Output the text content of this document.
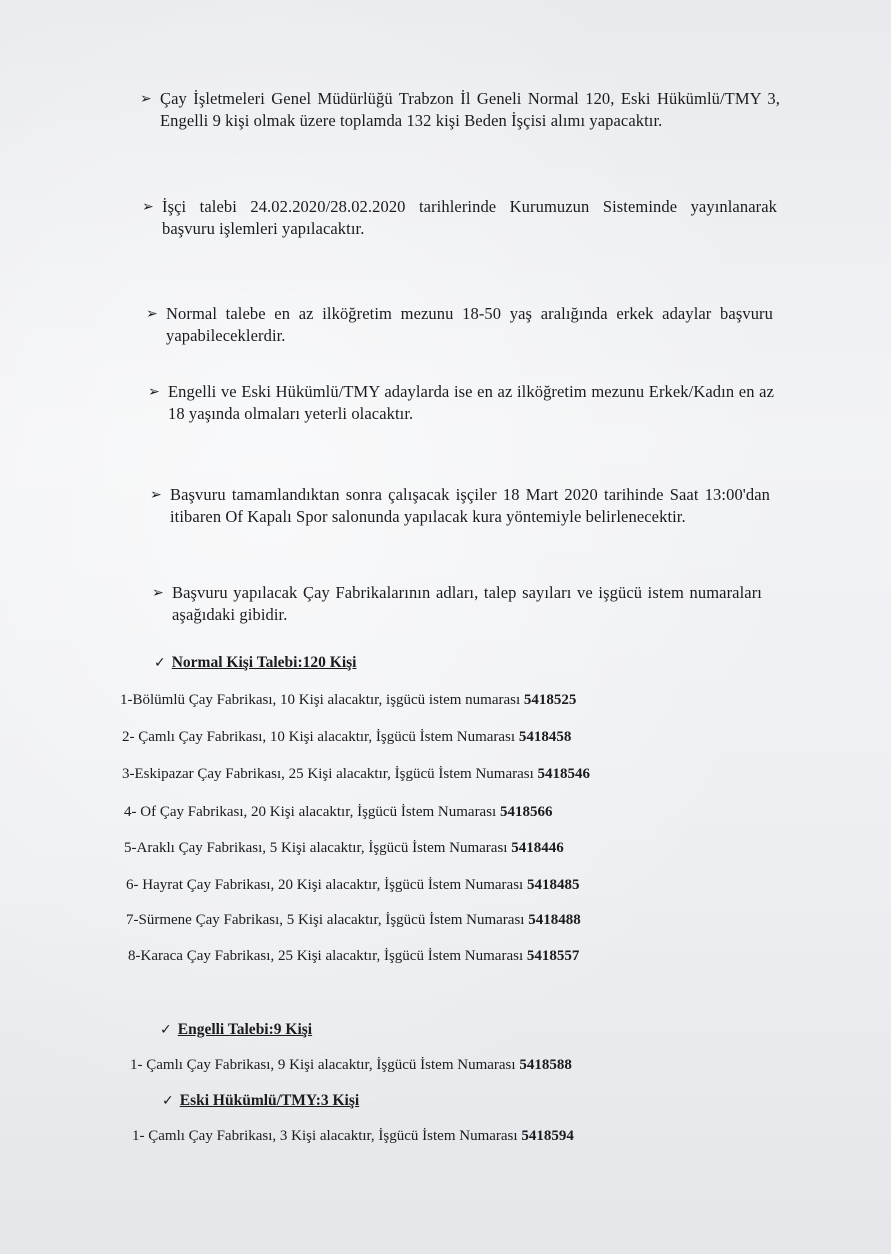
➢ Çay İşletmeleri Genel Müdürlüğü Trabzon İl Geneli Normal 120, Eski Hükümlü/TMY 3, Engelli 9 kişi olmak üzere toplamda 132 kişi Beden İşçisi alımı yapacaktır.
➢ İşçi talebi 24.02.2020/28.02.2020 tarihlerinde Kurumuzun Sisteminde yayınlanarak başvuru işlemleri yapılacaktır.
➢ Normal talebe en az ilköğretim mezunu 18-50 yaş aralığında erkek adaylar başvuru yapabileceklerdir.
➢ Engelli ve Eski Hükümlü/TMY adaylarda ise en az ilköğretim mezunu Erkek/Kadın en az 18 yaşında olmaları yeterli olacaktır.
➢ Başvuru tamamlandıktan sonra çalışacak işçiler 18 Mart 2020 tarihinde Saat 13:00'dan itibaren Of Kapalı Spor salonunda yapılacak kura yöntemiyle belirlenecektir.
➢ Başvuru yapılacak Çay Fabrikalarının adları, talep sayıları ve işgücü istem numaraları aşağıdaki gibidir.
✓ Normal Kişi Talebi:120 Kişi
1-Bölümlü Çay Fabrikası, 10 Kişi alacaktır, işgücü istem numarası 5418525
2- Çamlı Çay Fabrikası, 10 Kişi alacaktır, İşgücü İstem Numarası 5418458
3-Eskipazar Çay Fabrikası, 25 Kişi alacaktır, İşgücü İstem Numarası 5418546
4- Of Çay Fabrikası, 20 Kişi alacaktır, İşgücü İstem Numarası 5418566
5-Araklı Çay Fabrikası, 5 Kişi alacaktır, İşgücü İstem Numarası 5418446
6- Hayrat Çay Fabrikası, 20 Kişi alacaktır, İşgücü İstem Numarası 5418485
7-Sürmene Çay Fabrikası, 5 Kişi alacaktır, İşgücü İstem Numarası 5418488
8-Karaca Çay Fabrikası, 25 Kişi alacaktır, İşgücü İstem Numarası 5418557
✓ Engelli Talebi:9 Kişi
1- Çamlı Çay Fabrikası, 9 Kişi alacaktır, İşgücü İstem Numarası 5418588
✓ Eski Hükümlü/TMY:3 Kişi
1- Çamlı Çay Fabrikası, 3 Kişi alacaktır, İşgücü İstem Numarası 5418594
